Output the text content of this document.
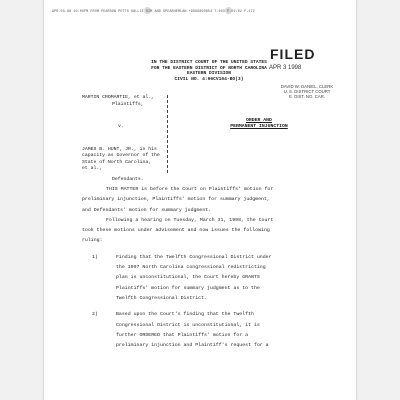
APR-03-98 10:05PM FROM-PEARSON POTTS KALLIE SIM AND SPEARHEMLAN +9099890654 T-403 P.02/02 F-172
FILED
APR 3 1998
DAVID W. DANIEL, CLERK
U. S. DISTRICT COURT
E. DIST. NO. CAR.
IN THE DISTRICT COURT OF THE UNITED STATES
FOR THE EASTERN DISTRICT OF NORTH CAROLINA
EASTERN DIVISION
CIVIL NO. 4:96CV104-BO(3)
MARTIN CROMARTIE, et al.,
Plaintiffs,
v.
JAMES B. HUNT, JR., in his
capacity as Governor of the
State of North Carolina,
et al.,
Defendants.
ORDER AND
PERMANENT INJUNCTION
THIS MATTER is before the Court on Plaintiffs' motion for
preliminary injunction, Plaintiffs' motion for summary judgment,
and Defendants' motion for summary judgment.
Following a hearing on Tuesday, March 31, 1998, the Court
took these motions under advisement and now issues the following
ruling:
1)	Finding that the Twelfth Congressional District under
the 1997 North Carolina congressional redistricting
plan is unconstitutional, the Court hereby GRANTS
Plaintiffs' motion for summary judgment as to the
Twelfth Congressional District.
2)	Based upon the Court's finding that the Twelfth
Congressional District is unconstitutional, it is
further ORDERED that Plaintiffs' motion for a
preliminary injunction and Plaintiff's request for a
